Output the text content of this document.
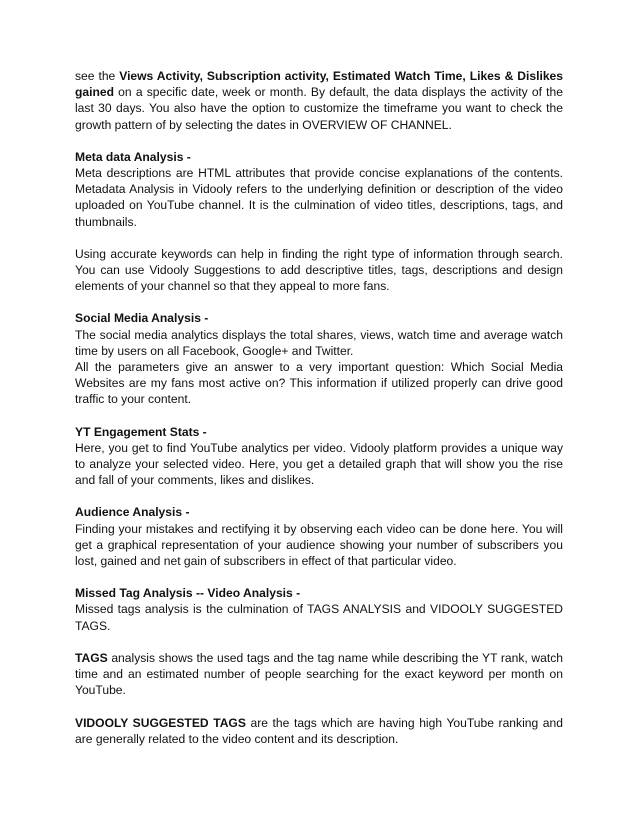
see the Views Activity, Subscription activity, Estimated Watch Time, Likes & Dislikes gained on a specific date, week or month. By default, the data displays the activity of the last 30 days. You also have the option to customize the timeframe you want to check the growth pattern of by selecting the dates in OVERVIEW OF CHANNEL.

Meta data Analysis -

Meta descriptions are HTML attributes that provide concise explanations of the contents. Metadata Analysis in Vidooly refers to the underlying definition or description of the video uploaded on YouTube channel. It is the culmination of video titles, descriptions, tags, and thumbnails.

Using accurate keywords can help in finding the right type of information through search. You can use Vidooly Suggestions to add descriptive titles, tags, descriptions and design elements of your channel so that they appeal to more fans.

Social Media Analysis -

The social media analytics displays the total shares, views, watch time and average watch time by users on all Facebook, Google+ and Twitter.

All the parameters give an answer to a very important question: Which Social Media Websites are my fans most active on? This information if utilized properly can drive good traffic to your content.

YT Engagement Stats -

Here, you get to find YouTube analytics per video. Vidooly platform provides a unique way to analyze your selected video. Here, you get a detailed graph that will show you the rise and fall of your comments, likes and dislikes.

Audience Analysis -

Finding your mistakes and rectifying it by observing each video can be done here. You will get a graphical representation of your audience showing your number of subscribers you lost, gained and net gain of subscribers in effect of that particular video.

Missed Tag Analysis -- Video Analysis -

Missed tags analysis is the culmination of TAGS ANALYSIS and VIDOOLY SUGGESTED TAGS.

TAGS analysis shows the used tags and the tag name while describing the YT rank, watch time and an estimated number of people searching for the exact keyword per month on YouTube.

VIDOOLY SUGGESTED TAGS are the tags which are having high YouTube ranking and are generally related to the video content and its description.
